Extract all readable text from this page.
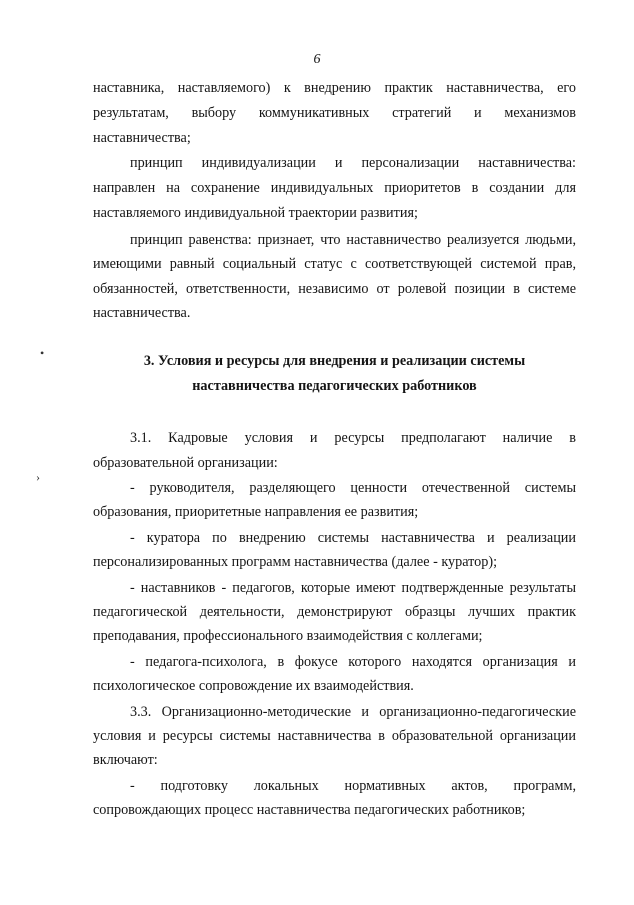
6
наставника, наставляемого) к внедрению практик наставничества, его
результатам, выбору коммуникативных стратегий и механизмов
наставничества;
принцип индивидуализации и персонализации наставничества:
направлен на сохранение индивидуальных приоритетов в создании для
наставляемого индивидуальной траектории развития;
принцип равенства: признает, что наставничество реализуется людьми,
имеющими равный социальный статус с соответствующей системой прав,
обязанностей, ответственности, независимо от ролевой позиции в системе
наставничества.
3. Условия и ресурсы для внедрения и реализации системы
наставничества педагогических работников
3.1. Кадровые условия и ресурсы предполагают наличие в
образовательной организации:
- руководителя, разделяющего ценности отечественной системы
образования, приоритетные направления ее развития;
- куратора по внедрению системы наставничества и реализации
персонализированных программ наставничества (далее - куратор);
- наставников - педагогов, которые имеют подтвержденные результаты
педагогической деятельности, демонстрируют образцы лучших практик
преподавания, профессионального взаимодействия с коллегами;
- педагога-психолога, в фокусе которого находятся организация и
психологическое сопровождение их взаимодействия.
3.3. Организационно-методические и организационно-педагогические
условия и ресурсы системы наставничества в образовательной организации
включают:
- подготовку локальных нормативных актов, программ,
сопровождающих процесс наставничества педагогических работников;
•
›
